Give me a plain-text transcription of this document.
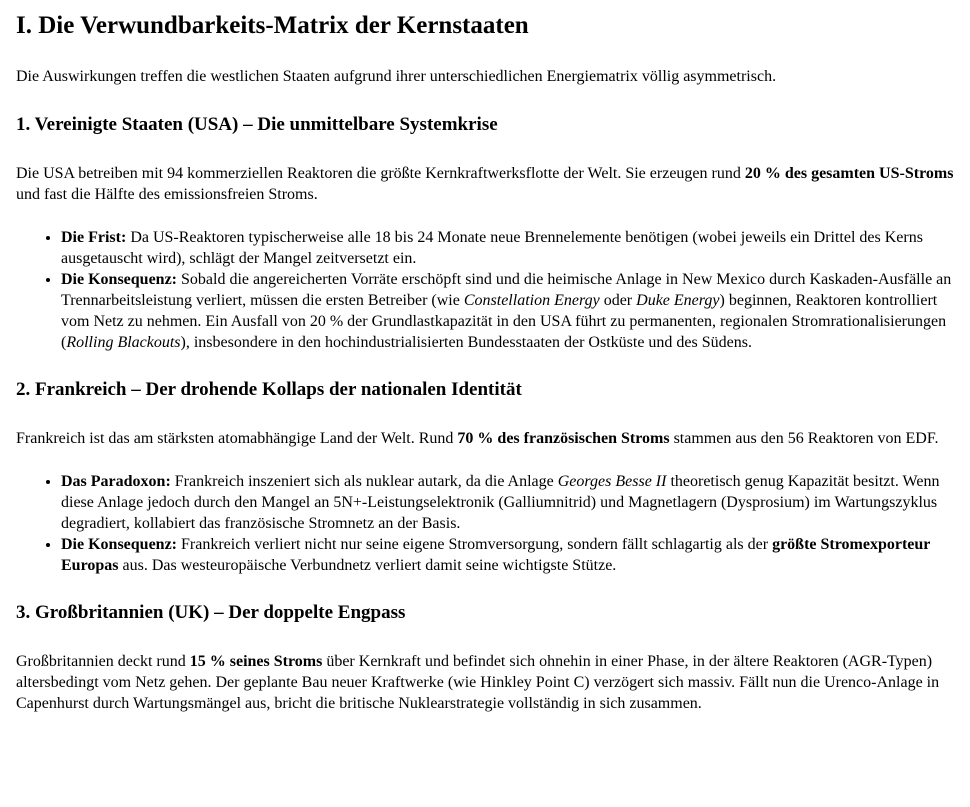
I. Die Verwundbarkeits-Matrix der Kernstaaten

Die Auswirkungen treffen die westlichen Staaten aufgrund ihrer unterschiedlichen Energiematrix völlig asymmetrisch.

1. Vereinigte Staaten (USA) – Die unmittelbare Systemkrise

Die USA betreiben mit 94 kommerziellen Reaktoren die größte Kernkraftwerksflotte der Welt. Sie erzeugen rund 20 % des gesamten US-Stroms und fast die Hälfte des emissionsfreien Stroms.

• Die Frist: Da US-Reaktoren typischerweise alle 18 bis 24 Monate neue Brennelemente benötigen (wobei jeweils ein Drittel des Kerns ausgetauscht wird), schlägt der Mangel zeitversetzt ein.
• Die Konsequenz: Sobald die angereicherten Vorräte erschöpft sind und die heimische Anlage in New Mexico durch Kaskaden-Ausfälle an Trennarbeitsleistung verliert, müssen die ersten Betreiber (wie Constellation Energy oder Duke Energy) beginnen, Reaktoren kontrolliert vom Netz zu nehmen. Ein Ausfall von 20 % der Grundlastkapazität in den USA führt zu permanenten, regionalen Stromrationalisierungen (Rolling Blackouts), insbesondere in den hochindustrialisierten Bundesstaaten der Ostküste und des Südens.
2. Frankreich – Der drohende Kollaps der nationalen Identität

Frankreich ist das am stärksten atomabhängige Land der Welt. Rund 70 % des französischen Stroms stammen aus den 56 Reaktoren von EDF.

• Das Paradoxon: Frankreich inszeniert sich als nuklear autark, da die Anlage Georges Besse II theoretisch genug Kapazität besitzt. Wenn diese Anlage jedoch durch den Mangel an 5N+-Leistungselektronik (Galliumnitrid) und Magnetlagern (Dysprosium) im Wartungszyklus degradiert, kollabiert das französische Stromnetz an der Basis.
• Die Konsequenz: Frankreich verliert nicht nur seine eigene Stromversorgung, sondern fällt schlagartig als der größte Stromexporteur Europas aus. Das westeuropäische Verbundnetz verliert damit seine wichtigste Stütze.
3. Großbritannien (UK) – Der doppelte Engpass

Großbritannien deckt rund 15 % seines Stroms über Kernkraft und befindet sich ohnehin in einer Phase, in der ältere Reaktoren (AGR-Typen) altersbedingt vom Netz gehen. Der geplante Bau neuer Kraftwerke (wie Hinkley Point C) verzögert sich massiv. Fällt nun die Urenco-Anlage in Capenhurst durch Wartungsmängel aus, bricht die britische Nuklearstrategie vollständig in sich zusammen.
